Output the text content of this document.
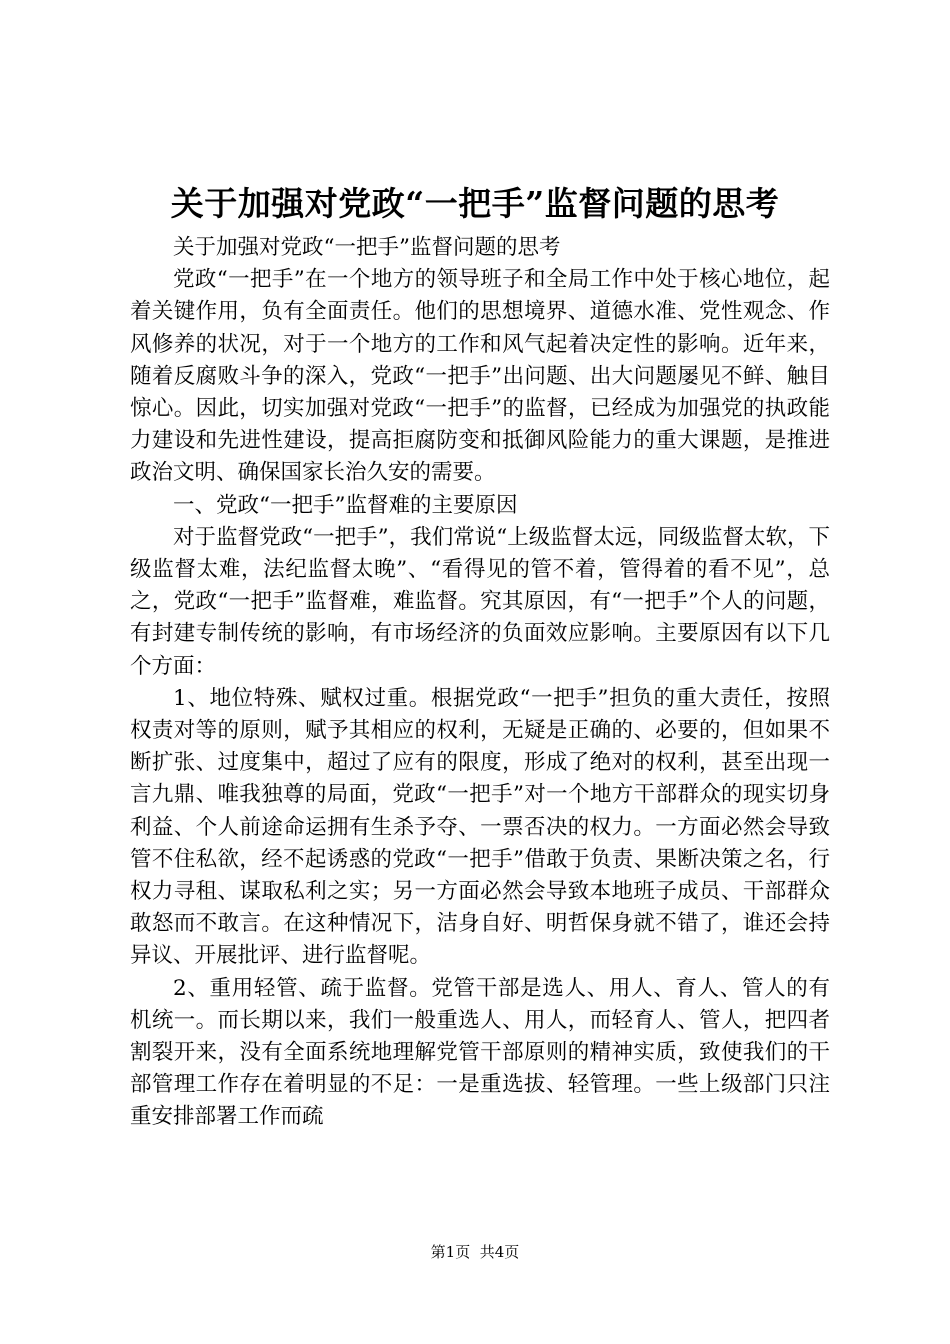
关于加强对党政“一把手”监督问题的思考

关于加强对党政“一把手”监督问题的思考

党政“一把手”在一个地方的领导班子和全局工作中处于核心地位，起着关键作用，负有全面责任。他们的思想境界、道德水准、党性观念、作风修养的状况，对于一个地方的工作和风气起着决定性的影响。近年来，随着反腐败斗争的深入，党政“一把手”出问题、出大问题屡见不鲜、触目惊心。因此，切实加强对党政“一把手”的监督，已经成为加强党的执政能力建设和先进性建设，提高拒腐防变和抵御风险能力的重大课题，是推进政治文明、确保国家长治久安的需要。

一、党政“一把手”监督难的主要原因

对于监督党政“一把手”，我们常说“上级监督太远，同级监督太软，下级监督太难，法纪监督太晚”、“看得见的管不着，管得着的看不见”，总之，党政“一把手”监督难，难监督。究其原因，有“一把手”个人的问题，有封建专制传统的影响，有市场经济的负面效应影响。主要原因有以下几个方面：

1、地位特殊、赋权过重。根据党政“一把手”担负的重大责任，按照权责对等的原则，赋予其相应的权利，无疑是正确的、必要的，但如果不断扩张、过度集中，超过了应有的限度，形成了绝对的权利，甚至出现一言九鼎、唯我独尊的局面，党政“一把手”对一个地方干部群众的现实切身利益、个人前途命运拥有生杀予夺、一票否决的权力。一方面必然会导致管不住私欲，经不起诱惑的党政“一把手”借敢于负责、果断决策之名，行权力寻租、谋取私利之实；另一方面必然会导致本地班子成员、干部群众敢怒而不敢言。在这种情况下，洁身自好、明哲保身就不错了，谁还会持异议、开展批评、进行监督呢。

2、重用轻管、疏于监督。党管干部是选人、用人、育人、管人的有机统一。而长期以来，我们一般重选人、用人，而轻育人、管人，把四者割裂开来，没有全面系统地理解党管干部原则的精神实质，致使我们的干部管理工作存在着明显的不足：一是重选拔、轻管理。一些上级部门只注重安排部署工作而疏

第1页 共4页
